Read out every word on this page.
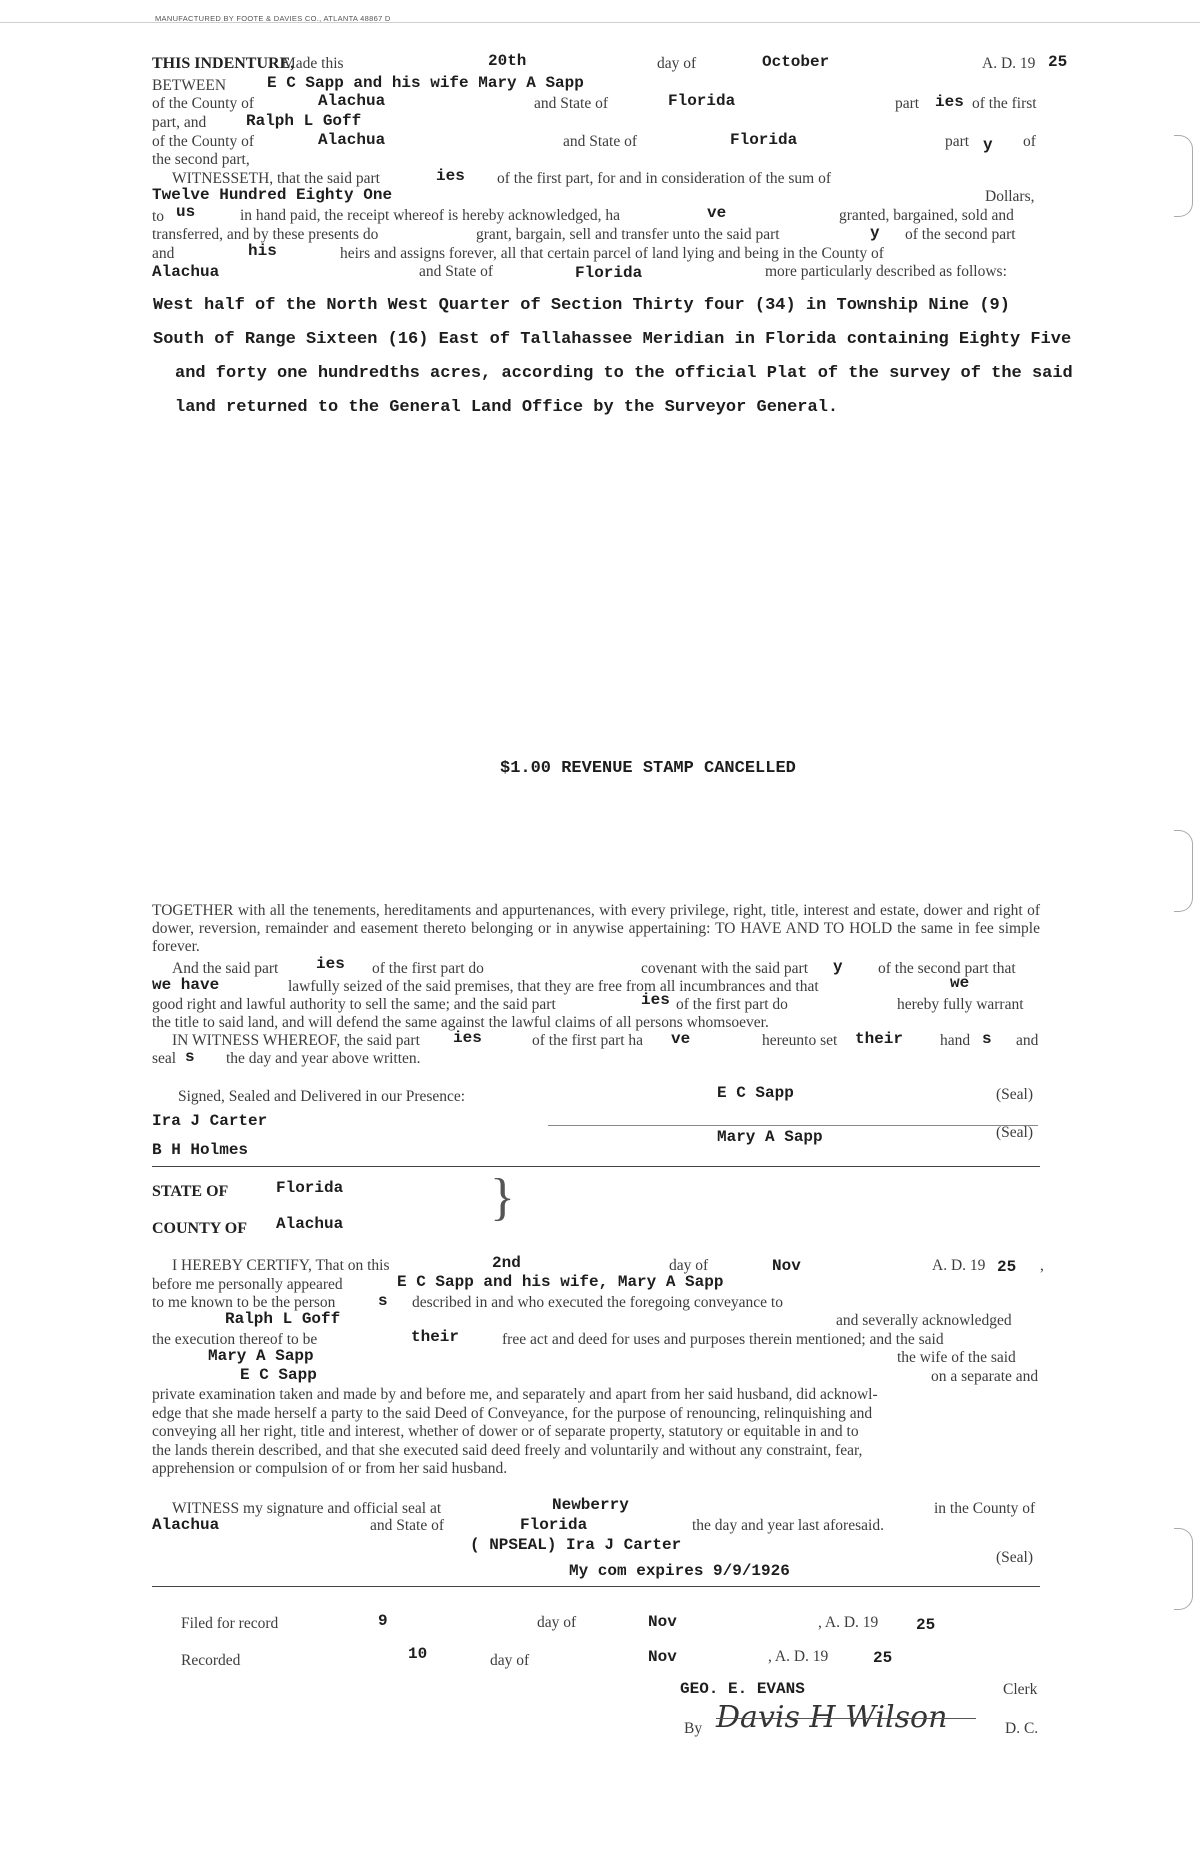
MANUFACTURED BY FOOTE & DAVIES CO., ATLANTA 48867 D
THIS INDENTURE,
Made this	20th	day of	October	A. D. 19 25
BETWEEN	E C Sapp and his wife Mary A Sapp
of the County of	Alachua	and State of	Florida	part ies of the first
part, and Ralph L Goff
of the County of	Alachua	and State of	Florida	part y of
the second part,
WITNESSETH, that the said part	ies of the first part, for and in consideration of the sum of
Twelve Hundred Eighty One	Dollars,
to us	in hand paid, the receipt whereof is hereby acknowledged, ha	ve	granted, bargained, sold and
transferred, and by these presents do	grant, bargain, sell and transfer unto the said part	y of the second part
and	his	heirs and assigns forever, all that certain parcel of land lying and being in the County of
Alachua	and State of	Florida	more particularly described as follows:
West half of the North West Quarter of Section Thirty four (34) in Township Nine (9)
South of Range Sixteen (16) East of Tallahassee Meridian in Florida containing Eighty Five
and forty one hundredths acres, according to the official Plat of the survey of the said
land returned to the General Land Office by the Surveyor General.
$1.00 REVENUE STAMP CANCELLED
TOGETHER with all the tenements, hereditaments and appurtenances, with every privilege, right, title, interest and estate, dower and right of dower, reversion, remainder and easement thereto belonging or in anywise appertaining: TO HAVE AND TO HOLD the same in fee simple forever.
And the said part ies of the first part do	covenant with the said part y of the second part that
we have	lawfully seized of the said premises, that they are free from all incumbrances and that	we
good right and lawful authority to sell the same; and the said part	ies of the first part do	hereby fully warrant
the title to said land, and will defend the same against the lawful claims of all persons whomsoever.
IN WITNESS WHEREOF, the said part ies	of the first part ha ve	hereunto set their hand s and
seal s the day and year above written.
Signed, Sealed and Delivered in our Presence:	E C Sapp	(Seal)
Ira J Carter
Mary A Sapp	(Seal)
B H Holmes
STATE OF	Florida
COUNTY OF Alachua	}
I HEREBY CERTIFY, That on this	2nd	day of	Nov	A. D. 19 25 ,
before me personally appeared	E C Sapp and his wife, Mary A Sapp
to me known to be the person	s described in and who executed the foregoing conveyance to
Ralph L Goff	and severally acknowledged
the execution thereof to be	their	free act and deed for uses and purposes therein mentioned; and the said
Mary A Sapp	the wife of the said
E C Sapp	on a separate and
private examination taken and made by and before me, and separately and apart from her said husband, did acknowl-
edge that she made herself a party to the said Deed of Conveyance, for the purpose of renouncing, relinquishing and
conveying all her right, title and interest, whether of dower or of separate property, statutory or equitable in and to
the lands therein described, and that she executed said deed freely and voluntarily and without any constraint, fear,
apprehension or compulsion of or from her said husband.
WITNESS my signature and official seal at	Newberry	in the County of
Alachua	and State of	Florida	the day and year last aforesaid.
( NPSEAL) Ira J Carter
(Seal)
My com expires 9/9/1926
Filed for record	9	day of	Nov	, A. D. 19 25
Recorded	10	day of	Nov	, A. D. 19	25
GEO. E. EVANS	Clerk
By Davis H Wilson	D. C.
